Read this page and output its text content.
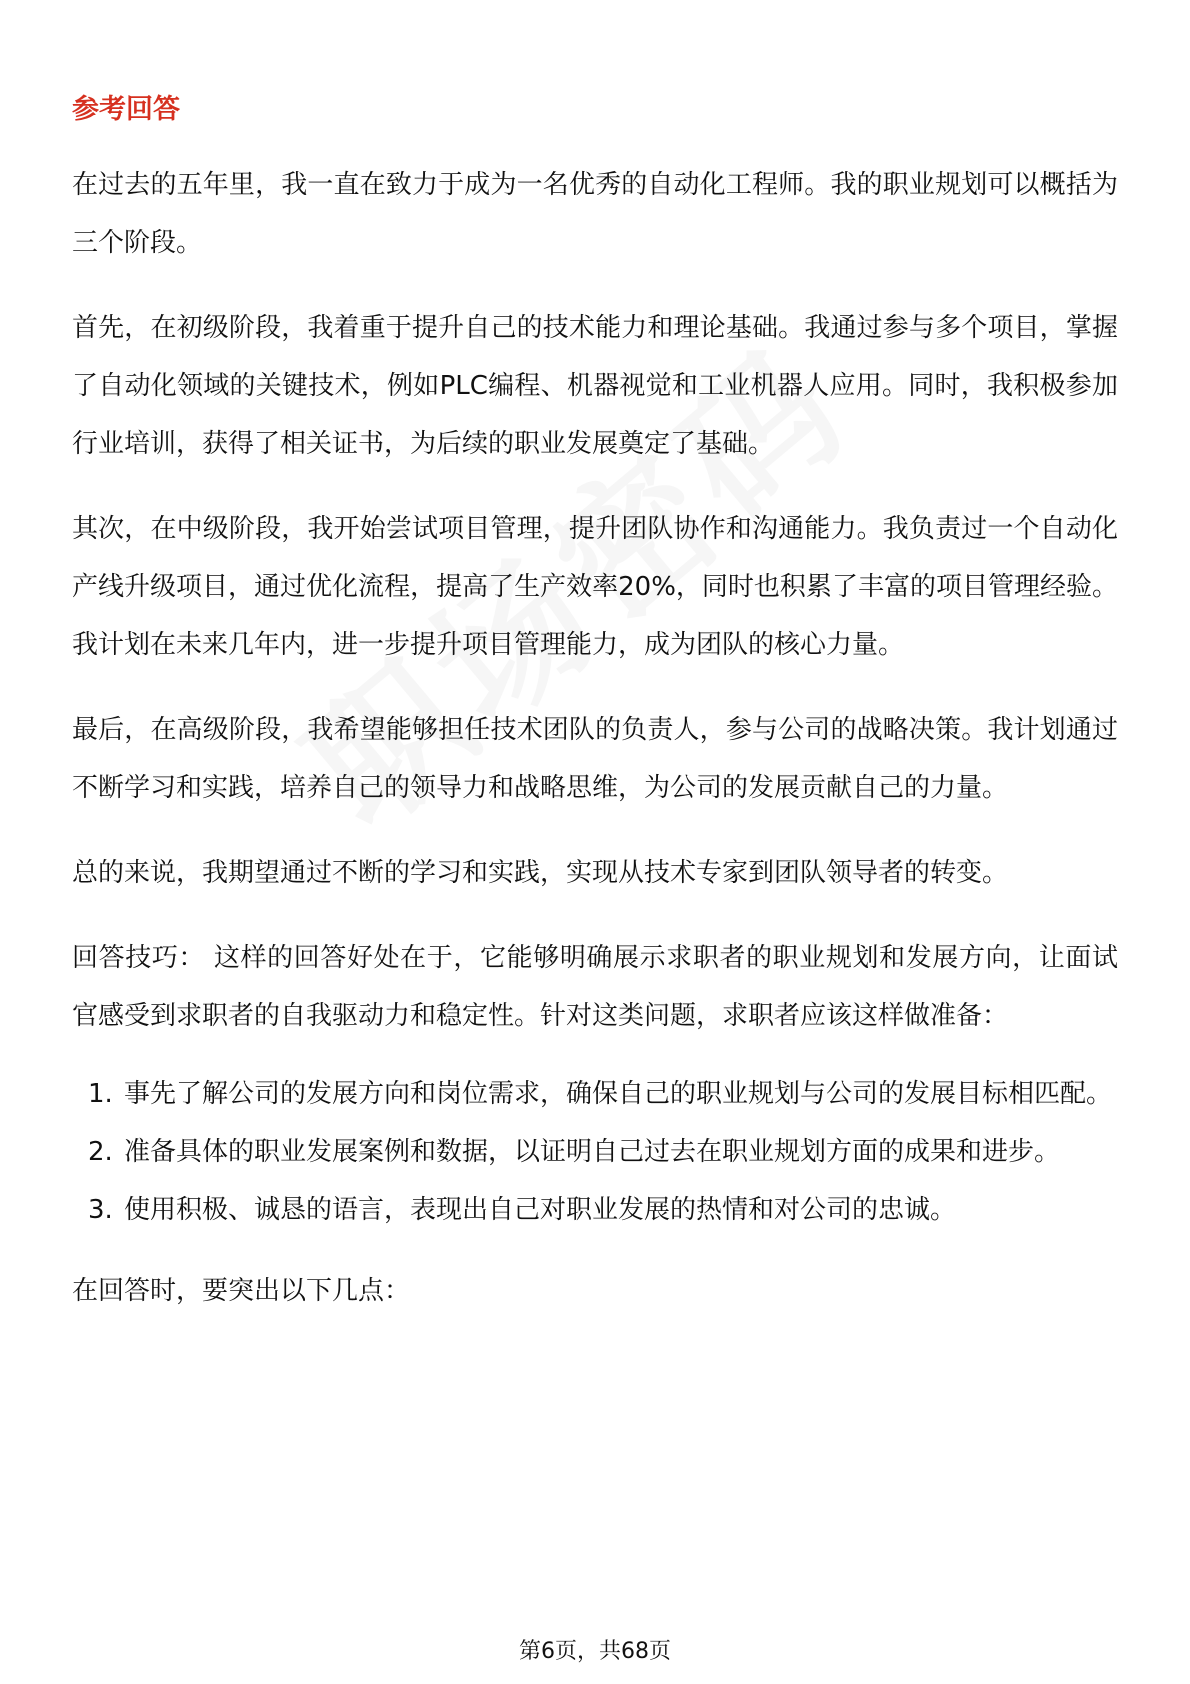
参考回答

在过去的五年里，我一直在致力于成为一名优秀的自动化工程师。我的职业规划可以概括为三个阶段。

首先，在初级阶段，我着重于提升自己的技术能力和理论基础。我通过参与多个项目，掌握了自动化领域的关键技术，例如PLC编程、机器视觉和工业机器人应用。同时，我积极参加行业培训，获得了相关证书，为后续的职业发展奠定了基础。

其次，在中级阶段，我开始尝试项目管理，提升团队协作和沟通能力。我负责过一个自动化产线升级项目，通过优化流程，提高了生产效率20%，同时也积累了丰富的项目管理经验。我计划在未来几年内，进一步提升项目管理能力，成为团队的核心力量。

最后，在高级阶段，我希望能够担任技术团队的负责人，参与公司的战略决策。我计划通过不断学习和实践，培养自己的领导力和战略思维，为公司的发展贡献自己的力量。

总的来说，我期望通过不断的学习和实践，实现从技术专家到团队领导者的转变。

回答技巧： 这样的回答好处在于，它能够明确展示求职者的职业规划和发展方向，让面试官感受到求职者的自我驱动力和稳定性。针对这类问题，求职者应该这样做准备：

1. 事先了解公司的发展方向和岗位需求，确保自己的职业规划与公司的发展目标相匹配。
2. 准备具体的职业发展案例和数据，以证明自己过去在职业规划方面的成果和进步。
3. 使用积极、诚恳的语言，表现出自己对职业发展的热情和对公司的忠诚。

在回答时，要突出以下几点：

第6页，共68页
